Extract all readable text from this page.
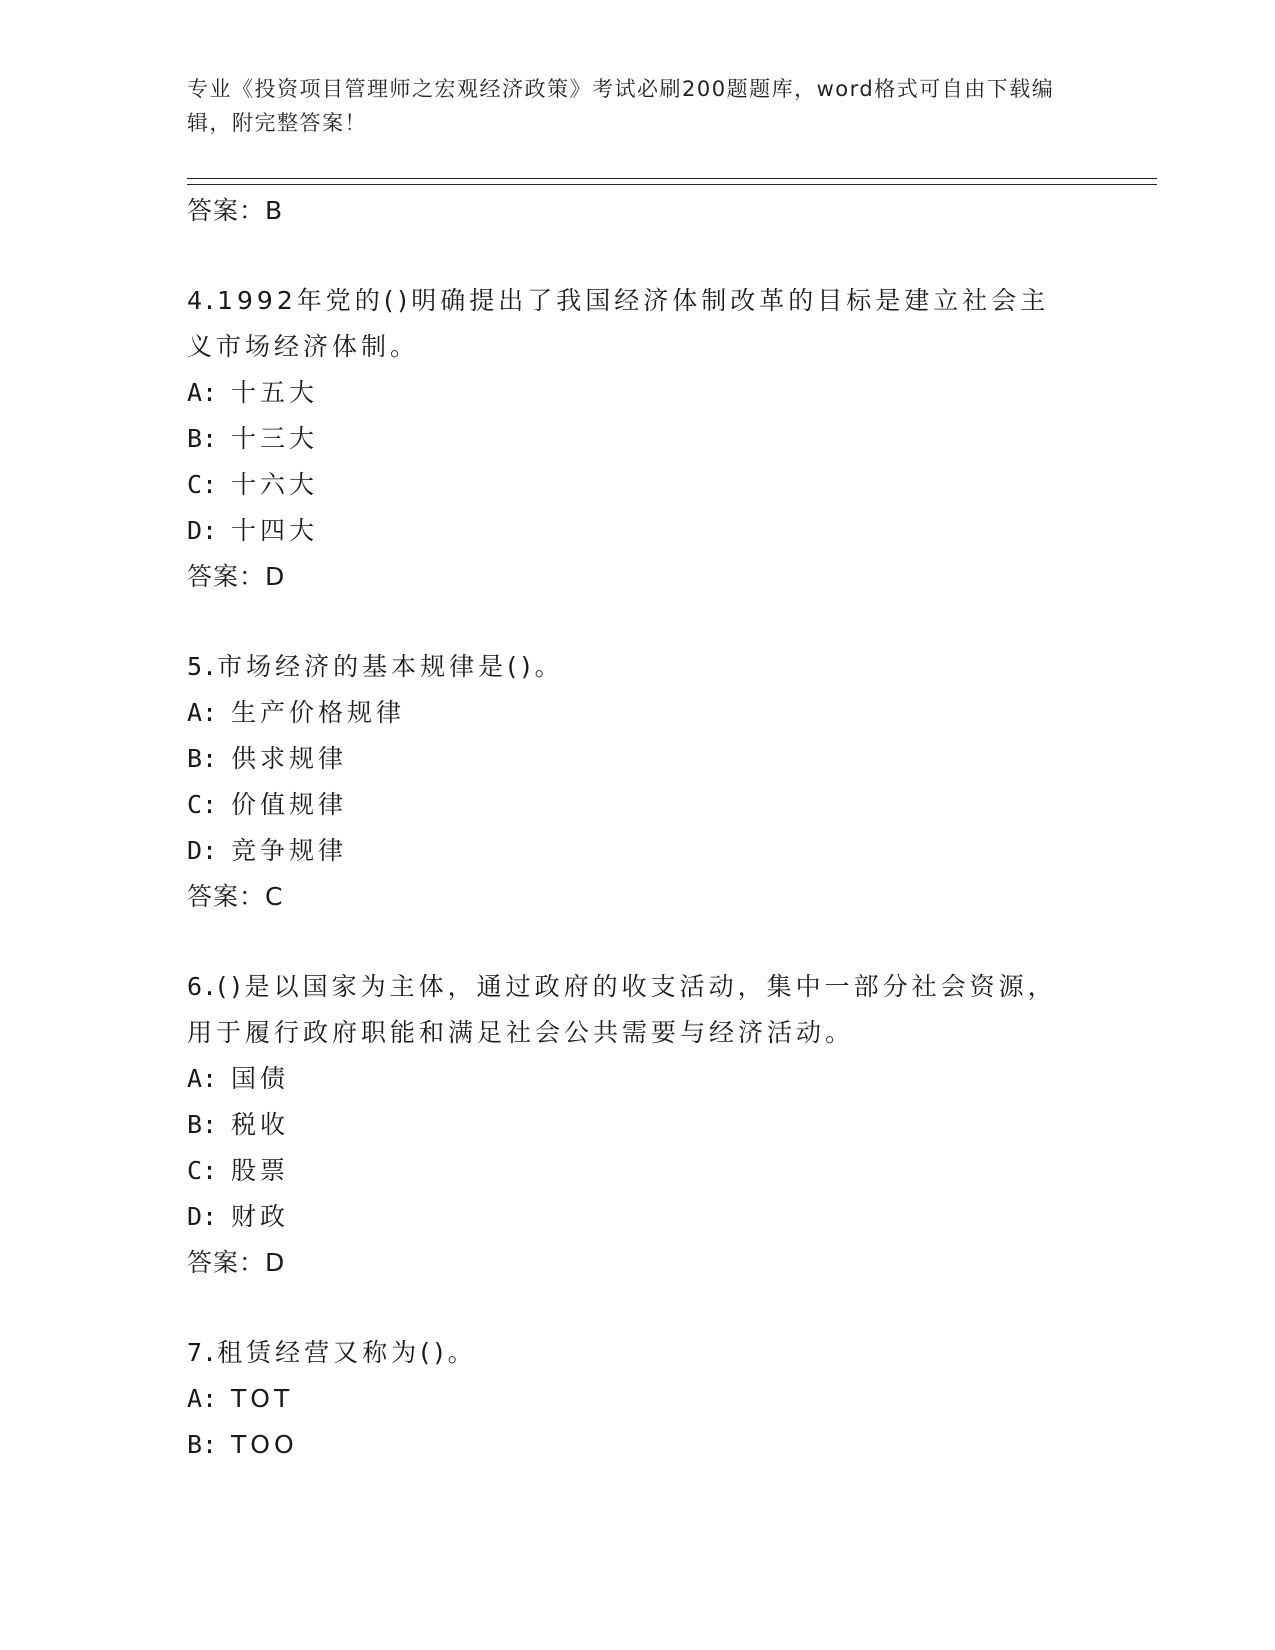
专业《投资项目管理师之宏观经济政策》考试必刷200题题库，word格式可自由下载编辑，附完整答案！
答案：B
4.1992年党的()明确提出了我国经济体制改革的目标是建立社会主义市场经济体制。
A: 十五大
B: 十三大
C: 十六大
D: 十四大
答案：D
5.市场经济的基本规律是()。
A: 生产价格规律
B: 供求规律
C: 价值规律
D: 竞争规律
答案：C
6.()是以国家为主体，通过政府的收支活动，集中一部分社会资源，用于履行政府职能和满足社会公共需要与经济活动。
A: 国债
B: 税收
C: 股票
D: 财政
答案：D
7.租赁经营又称为()。
A: TOT
B: TOO
